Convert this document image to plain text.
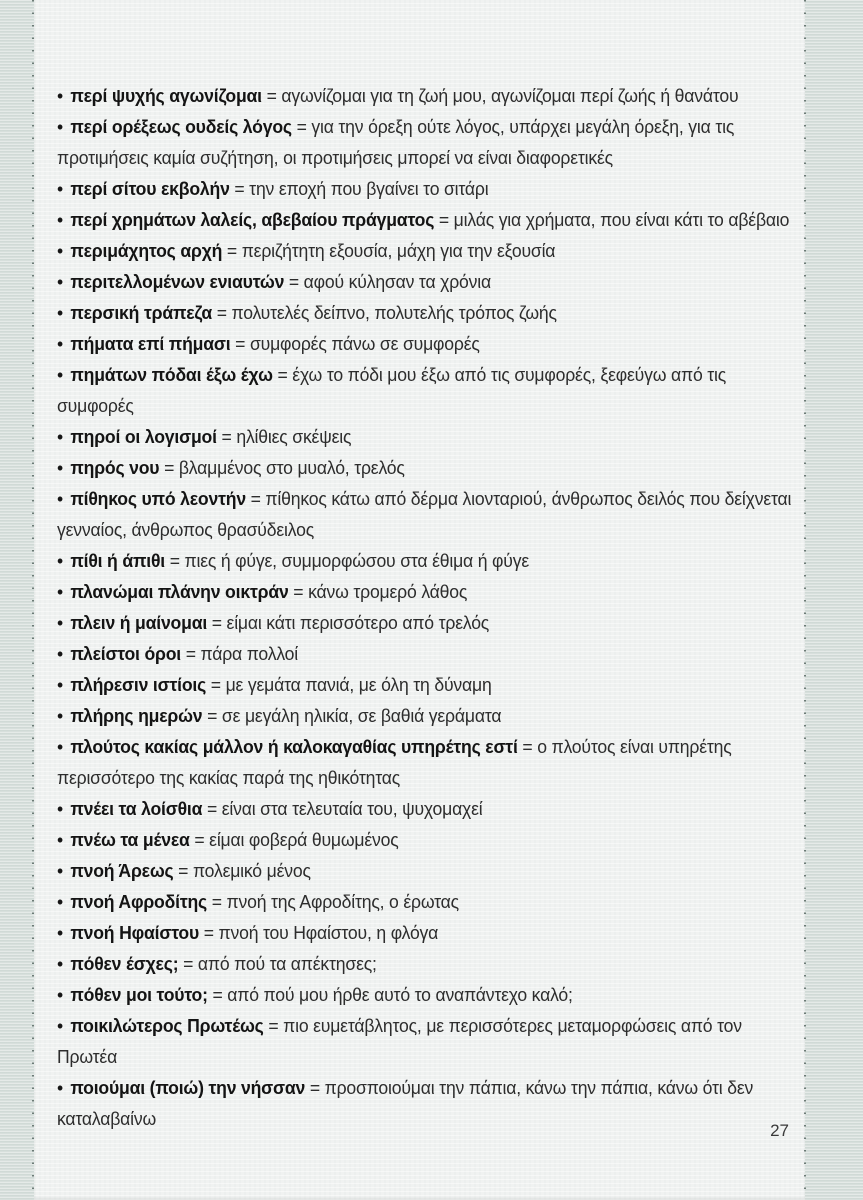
• περί ψυχής αγωνίζομαι = αγωνίζομαι για τη ζωή μου, αγωνίζομαι περί ζωής ή θανάτου
• περί ορέξεως ουδείς λόγος = για την όρεξη ούτε λόγος, υπάρχει μεγάλη όρεξη, για τις προτιμήσεις καμία συζήτηση, οι προτιμήσεις μπορεί να είναι διαφορετικές
• περί σίτου εκβολήν = την εποχή που βγαίνει το σιτάρι
• περί χρημάτων λαλείς, αβεβαίου πράγματος = μιλάς για χρήματα, που είναι κάτι το αβέβαιο
• περιμάχητος αρχή = περιζήτητη εξουσία, μάχη για την εξουσία
• περιτελλομένων ενιαυτών = αφού κύλησαν τα χρόνια
• περσική τράπεζα = πολυτελές δείπνο, πολυτελής τρόπος ζωής
• πήματα επί πήμασι = συμφορές πάνω σε συμφορές
• πημάτων πόδαι έξω έχω = έχω το πόδι μου έξω από τις συμφορές, ξεφεύγω από τις συμφορές
• πηροί οι λογισμοί = ηλίθιες σκέψεις
• πηρός νου = βλαμμένος στο μυαλό, τρελός
• πίθηκος υπό λεοντήν = πίθηκος κάτω από δέρμα λιονταριού, άνθρωπος δειλός που δείχνεται γενναίος, άνθρωπος θρασύδειλος
• πίθι ή άπιθι = πιες ή φύγε, συμμορφώσου στα έθιμα ή φύγε
• πλανώμαι πλάνην οικτράν = κάνω τρομερό λάθος
• πλειν ή μαίνομαι = είμαι κάτι περισσότερο από τρελός
• πλείστοι όροι = πάρα πολλοί
• πλήρεσιν ιστίοις = με γεμάτα πανιά, με όλη τη δύναμη
• πλήρης ημερών = σε μεγάλη ηλικία, σε βαθιά γεράματα
• πλούτος κακίας μάλλον ή καλοκαγαθίας υπηρέτης εστί = ο πλούτος είναι υπηρέτης περισσότερο της κακίας παρά της ηθικότητας
• πνέει τα λοίσθια = είναι στα τελευταία του, ψυχομαχεί
• πνέω τα μένεα = είμαι φοβερά θυμωμένος
• πνοή Άρεως = πολεμικό μένος
• πνοή Αφροδίτης = πνοή της Αφροδίτης, ο έρωτας
• πνοή Ηφαίστου = πνοή του Ηφαίστου, η φλόγα
• πόθεν έσχες; = από πού τα απέκτησες;
• πόθεν μοι τούτο; = από πού μου ήρθε αυτό το αναπάντεχο καλό;
• ποικιλώτερος Πρωτέως = πιο ευμετάβλητος, με περισσότερες μεταμορφώσεις από τον Πρωτέα
• ποιούμαι (ποιώ) την νήσσαν = προσποιούμαι την πάπια, κάνω την πάπια, κάνω ότι δεν καταλαβαίνω
27
